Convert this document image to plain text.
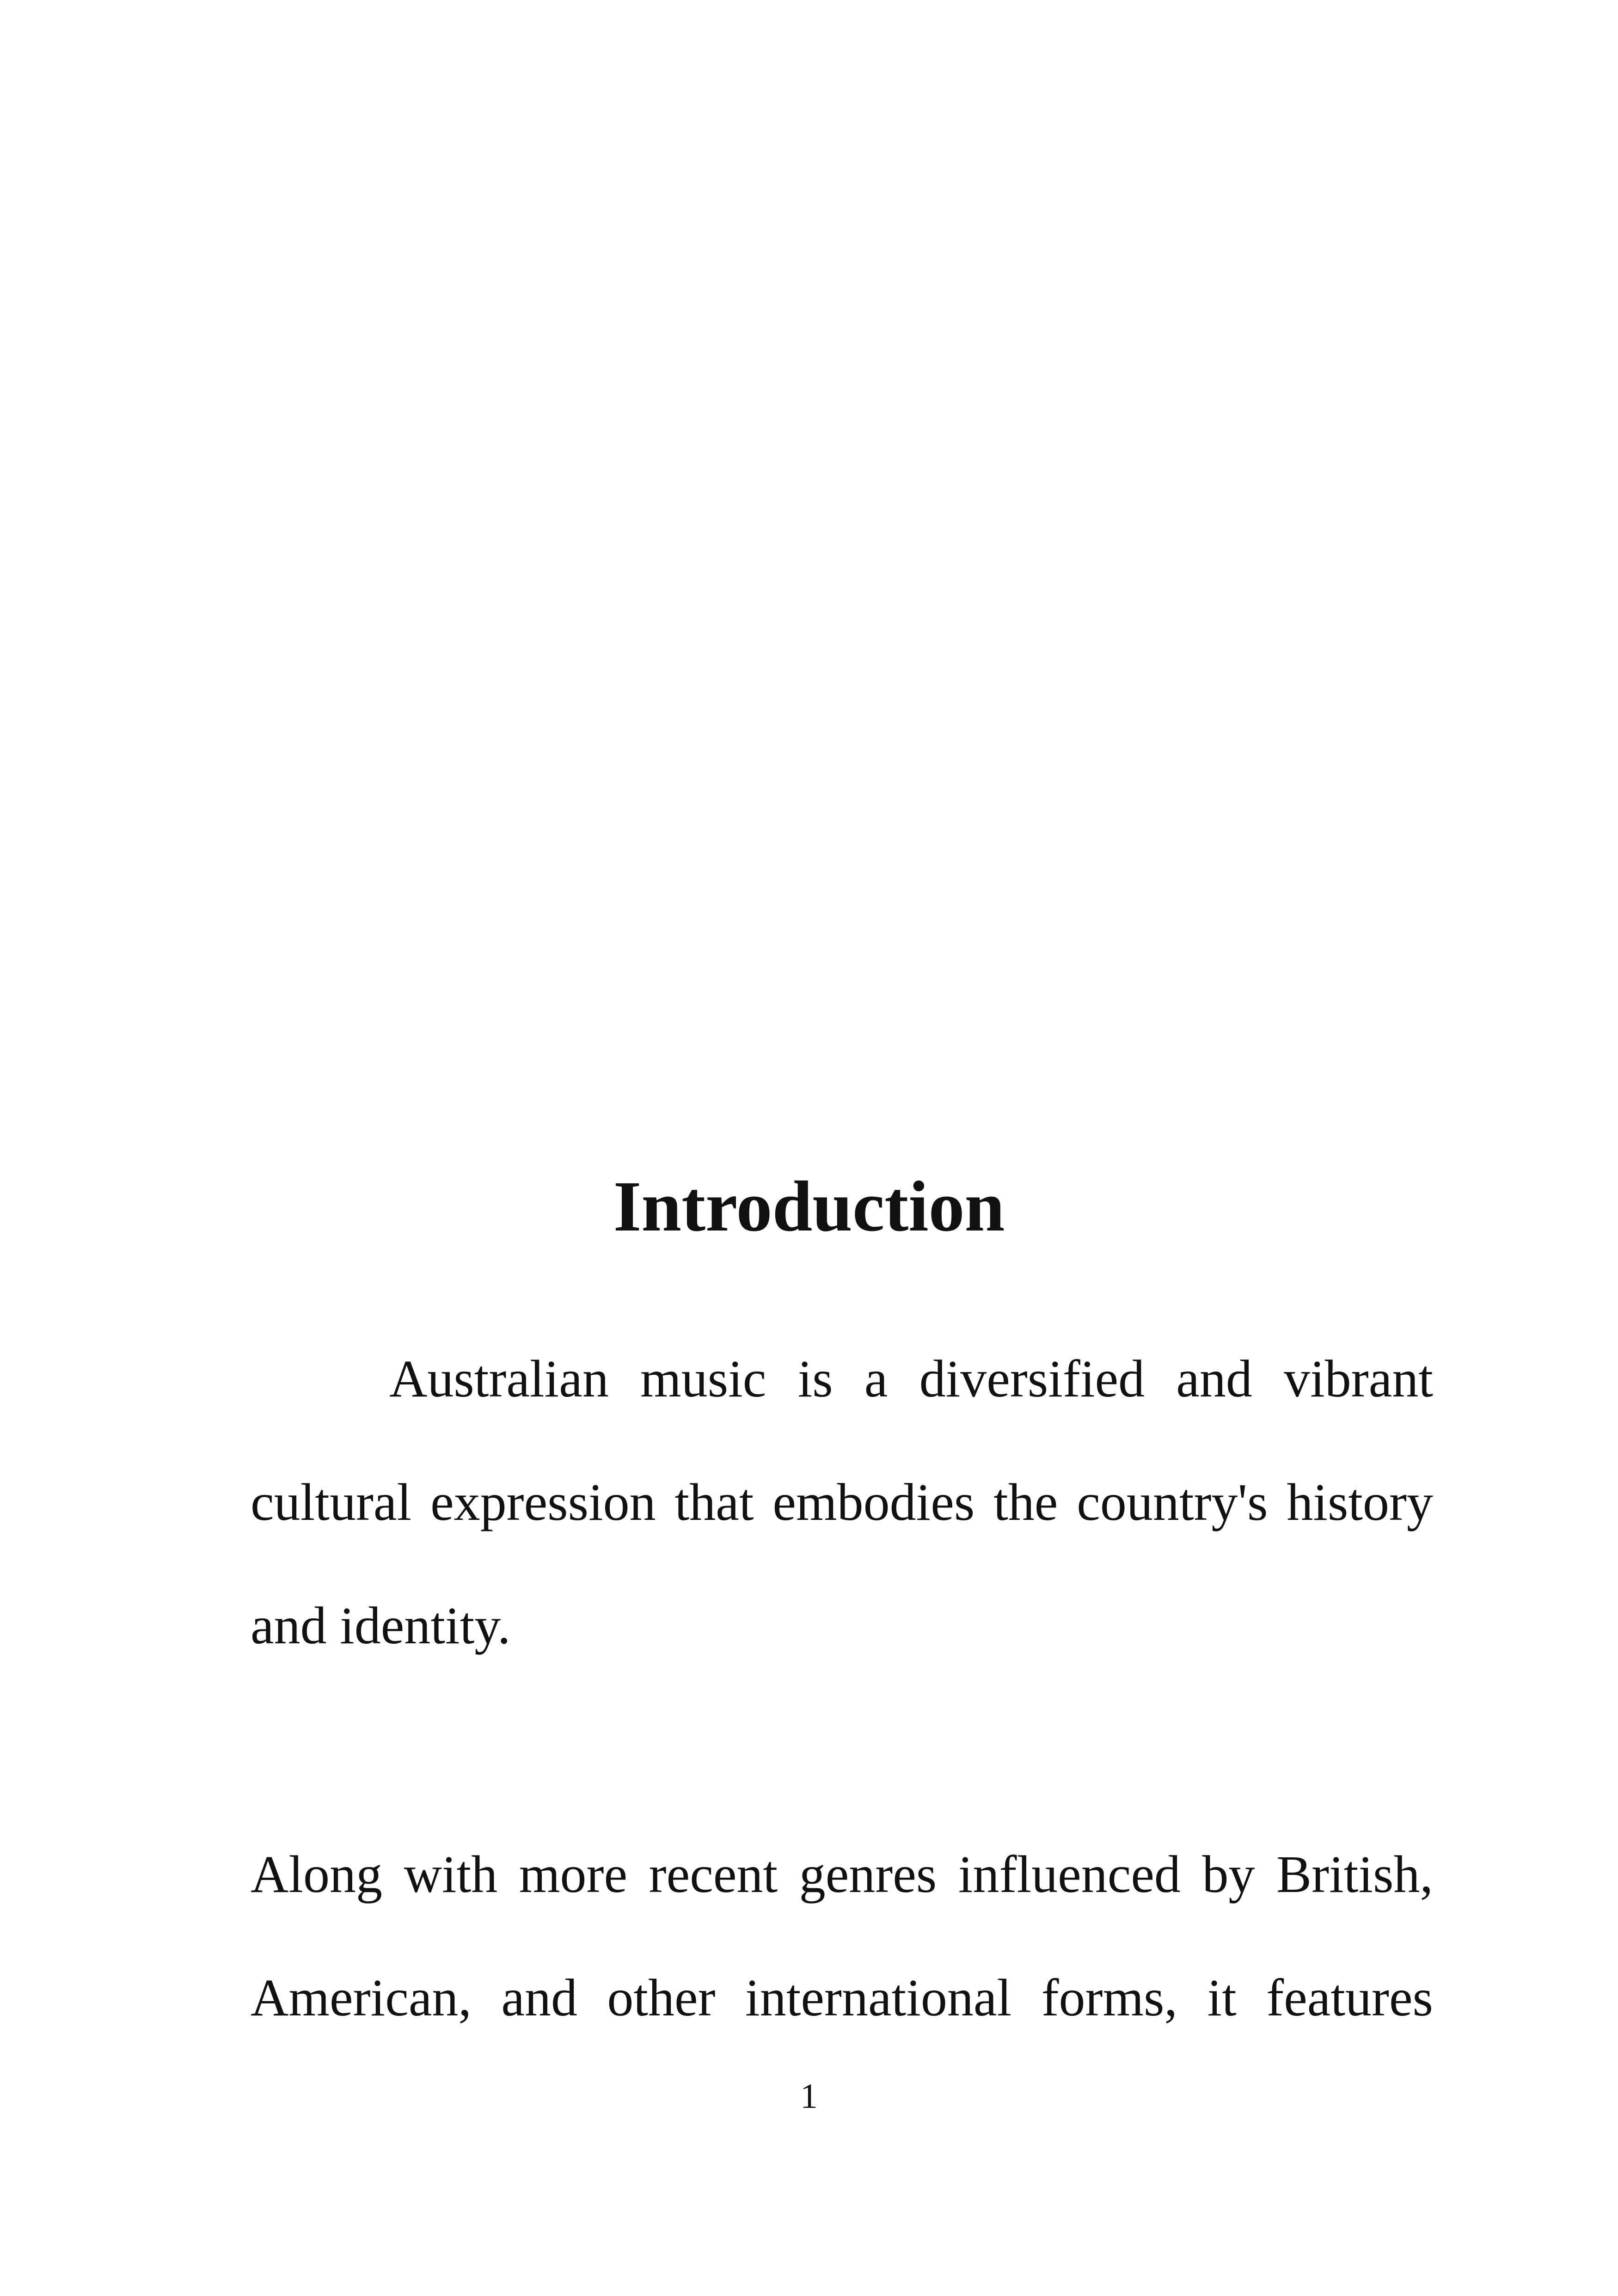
Introduction
Australian music is a diversified and vibrant
cultural expression that embodies the country's history
and identity.
Along with more recent genres influenced by British,
American, and other international forms, it features
1
